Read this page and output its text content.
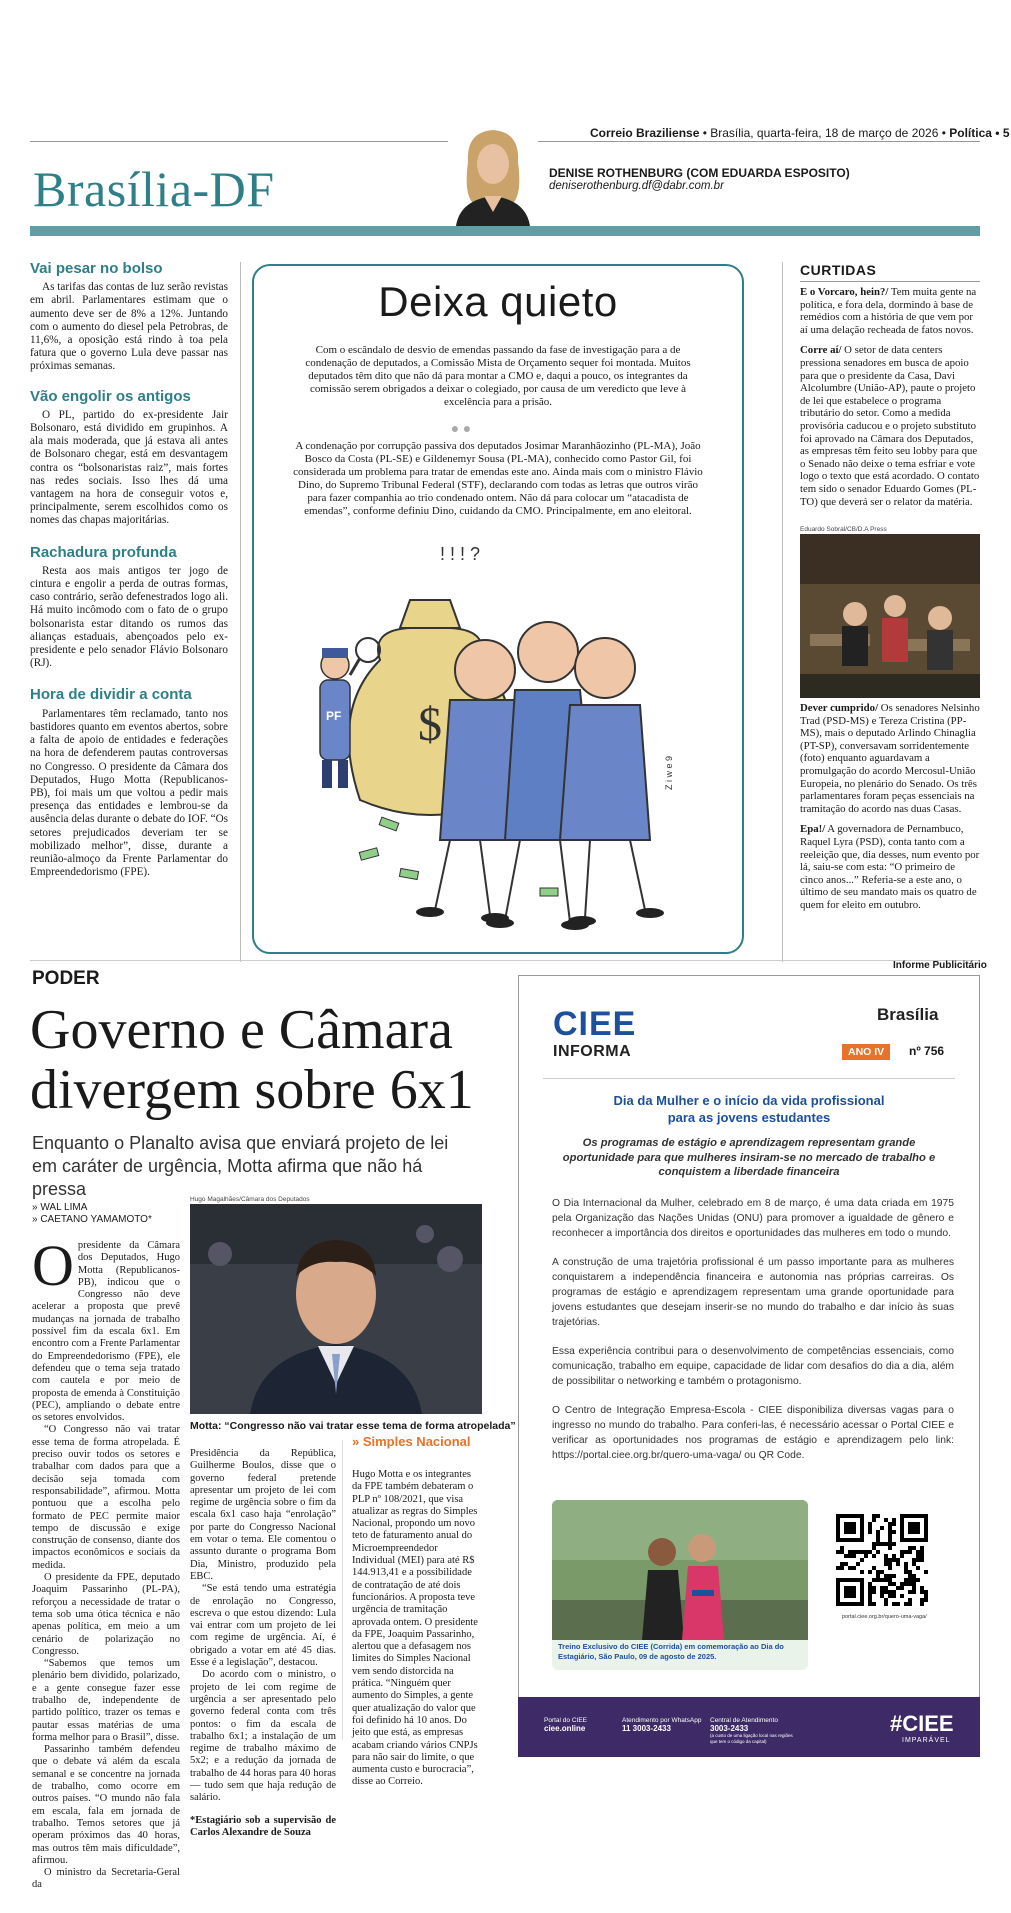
Correio Braziliense • Brasília, quarta-feira, 18 de março de 2026 • Política • 5
Brasília-DF	DENISE ROTHENBURG (COM EDUARDA ESPOSITO)
deniserothenburg.df@dabr.com.br
Vai pesar no bolso

As tarifas das contas de luz serão revistas em abril. Parlamentares estimam que o aumento deve ser de 8% a 12%. Juntando com o aumento do diesel pela Petrobras, de 11,6%, a oposição está rindo à toa pela fatura que o governo Lula deve passar nas próximas semanas.

Vão engolir os antigos

O PL, partido do ex-presidente Jair Bolsonaro, está dividido em grupinhos. A ala mais moderada, que já estava ali antes de Bolsonaro chegar, está em desvantagem contra os “bolsonaristas raiz”, mais fortes nas redes sociais. Isso lhes dá uma vantagem na hora de conseguir votos e, principalmente, serem escolhidos como os nomes das chapas majoritárias.

Rachadura profunda

Resta aos mais antigos ter jogo de cintura e engolir a perda de outras formas, caso contrário, serão defenestrados logo ali. Há muito incômodo com o fato de o grupo bolsonarista estar ditando os rumos das alianças estaduais, abençoados pelo ex-presidente e pelo senador Flávio Bolsonaro (RJ).

Hora de dividir a conta

Parlamentares têm reclamado, tanto nos bastidores quanto em eventos abertos, sobre a falta de apoio de entidades e federações na hora de defenderem pautas controversas no Congresso. O presidente da Câmara dos Deputados, Hugo Motta (Republicanos-PB), foi mais um que voltou a pedir mais presença das entidades e lembrou-se da ausência delas durante o debate do IOF. “Os setores prejudicados deveriam ter se mobilizado melhor”, disse, durante a reunião-almoço da Frente Parlamentar do Empreendedorismo (FPE).

Deixa quieto

Com o escândalo de desvio de emendas passando da fase de investigação para a de condenação de deputados, a Comissão Mista de Orçamento sequer foi montada. Muitos deputados têm dito que não dá para montar a CMO e, daqui a pouco, os integrantes da comissão serem obrigados a deixar o colegiado, por causa de um veredicto que leve à excelência para a prisão.

● ●

A condenação por corrupção passiva dos deputados Josimar Maranhãozinho (PL-MA), João Bosco da Costa (PL-SE) e Gildenemyr Sousa (PL-MA), conhecido como Pastor Gil, foi considerada um problema para tratar de emendas este ano. Ainda mais com o ministro Flávio Dino, do Supremo Tribunal Federal (STF), declarando com todas as letras que outros virão para fazer companhia ao trio condenado ontem. Não dá para colocar um “atacadista de emendas”, conforme definiu Dino, cuidando da CMO. Principalmente, em ano eleitoral.

$
PF
! ! ! ?
Z i w e 9
CURTIDAS

E o Vorcaro, hein?/ Tem muita gente na política, e fora dela, dormindo à base de remédios com a história de que vem por aí uma delação recheada de fatos novos.

Corre aí/ O setor de data centers pressiona senadores em busca de apoio para que o presidente da Casa, Davi Alcolumbre (União-AP), paute o projeto de lei que estabelece o programa tributário do setor. Como a medida provisória caducou e o projeto substituto foi aprovado na Câmara dos Deputados, as empresas têm feito seu lobby para que o Senado não deixe o tema esfriar e vote logo o texto que está acordado. O contato tem sido o senador Eduardo Gomes (PL-TO) que deverá ser o relator da matéria.

Eduardo Sobral/CB/D.A Press

Dever cumprido/ Os senadores Nelsinho Trad (PSD-MS) e Tereza Cristina (PP-MS), mais o deputado Arlindo Chinaglia (PT-SP), conversavam sorridentemente (foto) enquanto aguardavam a promulgação do acordo Mercosul-União Europeia, no plenário do Senado. Os três parlamentares foram peças essenciais na tramitação do acordo nas duas Casas.

Epa!/ A governadora de Pernambuco, Raquel Lyra (PSD), conta tanto com a reeleição que, dia desses, num evento por lá, saiu-se com esta: “O primeiro de cinco anos...” Referia-se a este ano, o último de seu mandato mais os quatro de quem for eleito em outubro.

PODER
Governo e Câmara
divergem sobre 6x1
Enquanto o Planalto avisa que enviará projeto de lei em caráter de urgência, Motta afirma que não há pressa
» WAL LIMA
» CAETANO YAMAMOTO*
O presidente da Câmara dos Deputados, Hugo Motta (Republicanos-PB), indicou que o Congresso não deve acelerar a proposta que prevê mudanças na jornada de trabalho possível fim da escala 6x1. Em encontro com a Frente Parlamentar do Empreendedorismo (FPE), ele defendeu que o tema seja tratado com cautela e por meio de proposta de emenda à Constituição (PEC), ampliando o debate entre os setores envolvidos.

“O Congresso não vai tratar esse tema de forma atropelada. É preciso ouvir todos os setores e trabalhar com dados para que a decisão seja tomada com responsabilidade”, afirmou. Motta pontuou que a escolha pelo formato de PEC permite maior tempo de discussão e exige construção de consenso, diante dos impactos econômicos e sociais da medida.

O presidente da FPE, deputado Joaquim Passarinho (PL-PA), reforçou a necessidade de tratar o tema sob uma ótica técnica e não apenas política, em meio a um cenário de polarização no Congresso.

“Sabemos que temos um plenário bem dividido, polarizado, e a gente consegue fazer esse trabalho de, independente de partido político, trazer os temas e pautar essas matérias de uma forma melhor para o Brasil”, disse.

Passarinho também defendeu que o debate vá além da escala semanal e se concentre na jornada de trabalho, como ocorre em outros países. “O mundo não fala em escala, fala em jornada de trabalho. Temos setores que já operam próximos das 40 horas, mas outros têm mais dificuldade”, afirmou.

O ministro da Secretaria-Geral da

Hugo Magalhães/Câmara dos Deputados
Motta: “Congresso não vai tratar esse tema de forma atropelada”

Presidência da República, Guilherme Boulos, disse que o governo federal pretende apresentar um projeto de lei com regime de urgência sobre o fim da escala 6x1 caso haja “enrolação” por parte do Congresso Nacional em votar o tema. Ele comentou o assunto durante o programa Bom Dia, Ministro, produzido pela EBC.

“Se está tendo uma estratégia de enrolação no Congresso, escreva o que estou dizendo: Lula vai entrar com um projeto de lei com regime de urgência. Aí, é obrigado a votar em até 45 dias. Esse é a legislação”, destacou.

Do acordo com o ministro, o projeto de lei com regime de urgência a ser apresentado pelo governo federal conta com três pontos: o fim da escala de trabalho 6x1; a instalação de um regime de trabalho máximo de 5x2; e a redução da jornada de trabalho de 44 horas para 40 horas — tudo sem que haja redução de salário.

*Estagiário sob a supervisão de Carlos Alexandre de Souza

» Simples Nacional

Hugo Motta e os integrantes da FPE também debateram o PLP nº 108/2021, que visa atualizar as regras do Simples Nacional, propondo um novo teto de faturamento anual do Microempreendedor Individual (MEI) para até R$ 144.913,41 e a possibilidade de contratação de até dois funcionários. A proposta teve urgência de tramitação aprovada ontem. O presidente da FPE, Joaquim Passarinho, alertou que a defasagem nos limites do Simples Nacional vem sendo distorcida na prática. “Ninguém quer aumento do Simples, a gente quer atualização do valor que foi definido há 10 anos. Do jeito que está, as empresas acabam criando vários CNPJs para não sair do limite, o que aumenta custo e burocracia”, disse ao Correio.

Informe Publicitário
CIEE
INFORMA
Brasília
ANO IV	nº 756
Dia da Mulher e o início da vida profissional
para as jovens estudantes
Os programas de estágio e aprendizagem representam grande oportunidade para que mulheres insiram-se no mercado de trabalho e conquistem a liberdade financeira

O Dia Internacional da Mulher, celebrado em 8 de março, é uma data criada em 1975 pela Organização das Nações Unidas (ONU) para promover a igualdade de gênero e reconhecer a importância dos direitos e oportunidades das mulheres em todo o mundo.

A construção de uma trajetória profissional é um passo importante para as mulheres conquistarem a independência financeira e autonomia nas próprias carreiras. Os programas de estágio e aprendizagem representam uma grande oportunidade para jovens estudantes que desejam inserir-se no mundo do trabalho e dar início às suas trajetórias.

Essa experiência contribui para o desenvolvimento de competências essenciais, como comunicação, trabalho em equipe, capacidade de lidar com desafios do dia a dia, além de possibilitar o networking e também o protagonismo.

O Centro de Integração Empresa-Escola - CIEE disponibiliza diversas vagas para o ingresso no mundo do trabalho. Para conferi-las, é necessário acessar o Portal CIEE e verificar as oportunidades nos programas de estágio e aprendizagem pelo link: https://portal.ciee.org.br/quero-uma-vaga/ ou QR Code.

Treino Exclusivo do CIEE (Corrida) em comemoração ao Dia do Estagiário, São Paulo, 09 de agosto de 2025.
portal.ciee.org.br/quero-uma-vaga/
Portal do CIEE
ciee.online
Atendimento por WhatsApp
11 3003-2433
Central de Atendimento
3003-2433
(a custo de uma ligação local nas regiões que tem o código da capital)
#CIEE
IMPARÁVEL
